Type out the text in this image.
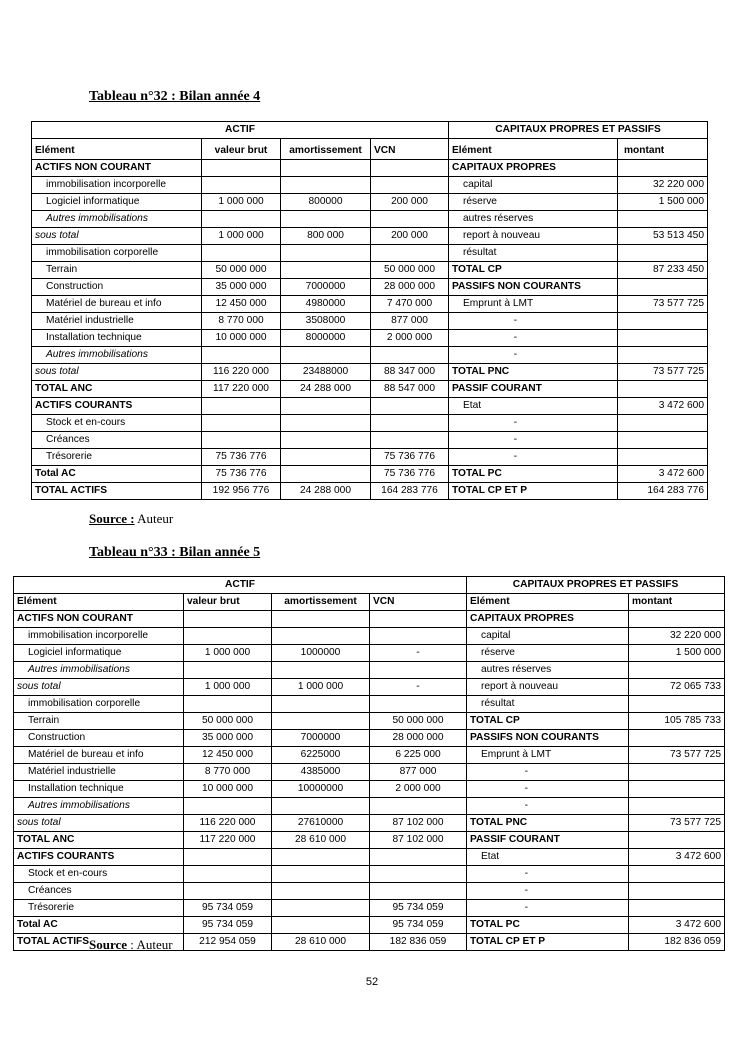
Tableau n°32 : Bilan année 4
ACTIF				CAPITAUX PROPRES ET PASSIFS	
Elément	valeur brut	amortissement	VCN	Elément	montant
ACTIFS NON COURANT				CAPITAUX PROPRES	
immobilisation incorporelle				capital	32 220 000
Logiciel informatique	1 000 000	800000	200 000	réserve	1 500 000
Autres immobilisations				autres réserves	
sous total	1 000 000	800 000	200 000	report à nouveau	53 513 450
immobilisation corporelle				résultat	
Terrain	50 000 000		50 000 000	TOTAL CP	87 233 450
Construction	35 000 000	7000000	28 000 000	PASSIFS NON COURANTS	
Matériel de bureau et info	12 450 000	4980000	7 470 000	Emprunt à LMT	73 577 725
Matériel industrielle	8 770 000	3508000	877 000	-	
Installation technique	10 000 000	8000000	2 000 000	-	
Autres immobilisations				-	
sous total	116 220 000	23488000	88 347 000	TOTAL PNC	73 577 725
TOTAL ANC	117 220 000	24 288 000	88 547 000	PASSIF COURANT	
ACTIFS COURANTS				Etat	3 472 600
Stock et en-cours				-	
Créances				-	
Trésorerie	75 736 776		75 736 776	-	
Total AC	75 736 776		75 736 776	TOTAL PC	3 472 600
TOTAL ACTIFS	192 956 776	24 288 000	164 283 776	TOTAL CP ET P	164 283 776
Source : Auteur
Tableau n°33 : Bilan année 5
ACTIF				CAPITAUX PROPRES ET PASSIFS	
Elément	valeur brut	amortissement	VCN	Elément	montant
ACTIFS NON COURANT				CAPITAUX PROPRES	
immobilisation incorporelle				capital	32 220 000
Logiciel informatique	1 000 000	1000000	-	réserve	1 500 000
Autres immobilisations				autres réserves	
sous total	1 000 000	1 000 000	-	report à nouveau	72 065 733
immobilisation corporelle				résultat	
Terrain	50 000 000		50 000 000	TOTAL CP	105 785 733
Construction	35 000 000	7000000	28 000 000	PASSIFS NON COURANTS	
Matériel de bureau et info	12 450 000	6225000	6 225 000	Emprunt à LMT	73 577 725
Matériel industrielle	8 770 000	4385000	877 000	-	
Installation technique	10 000 000	10000000	2 000 000	-	
Autres immobilisations				-	
sous total	116 220 000	27610000	87 102 000	TOTAL PNC	73 577 725
TOTAL ANC	117 220 000	28 610 000	87 102 000	PASSIF COURANT	
ACTIFS COURANTS				Etat	3 472 600
Stock et en-cours				-	
Créances				-	
Trésorerie	95 734 059		95 734 059	-	
Total AC	95 734 059		95 734 059	TOTAL PC	3 472 600
TOTAL ACTIFS	212 954 059	28 610 000	182 836 059	TOTAL CP ET P	182 836 059
Source : Auteur
52
